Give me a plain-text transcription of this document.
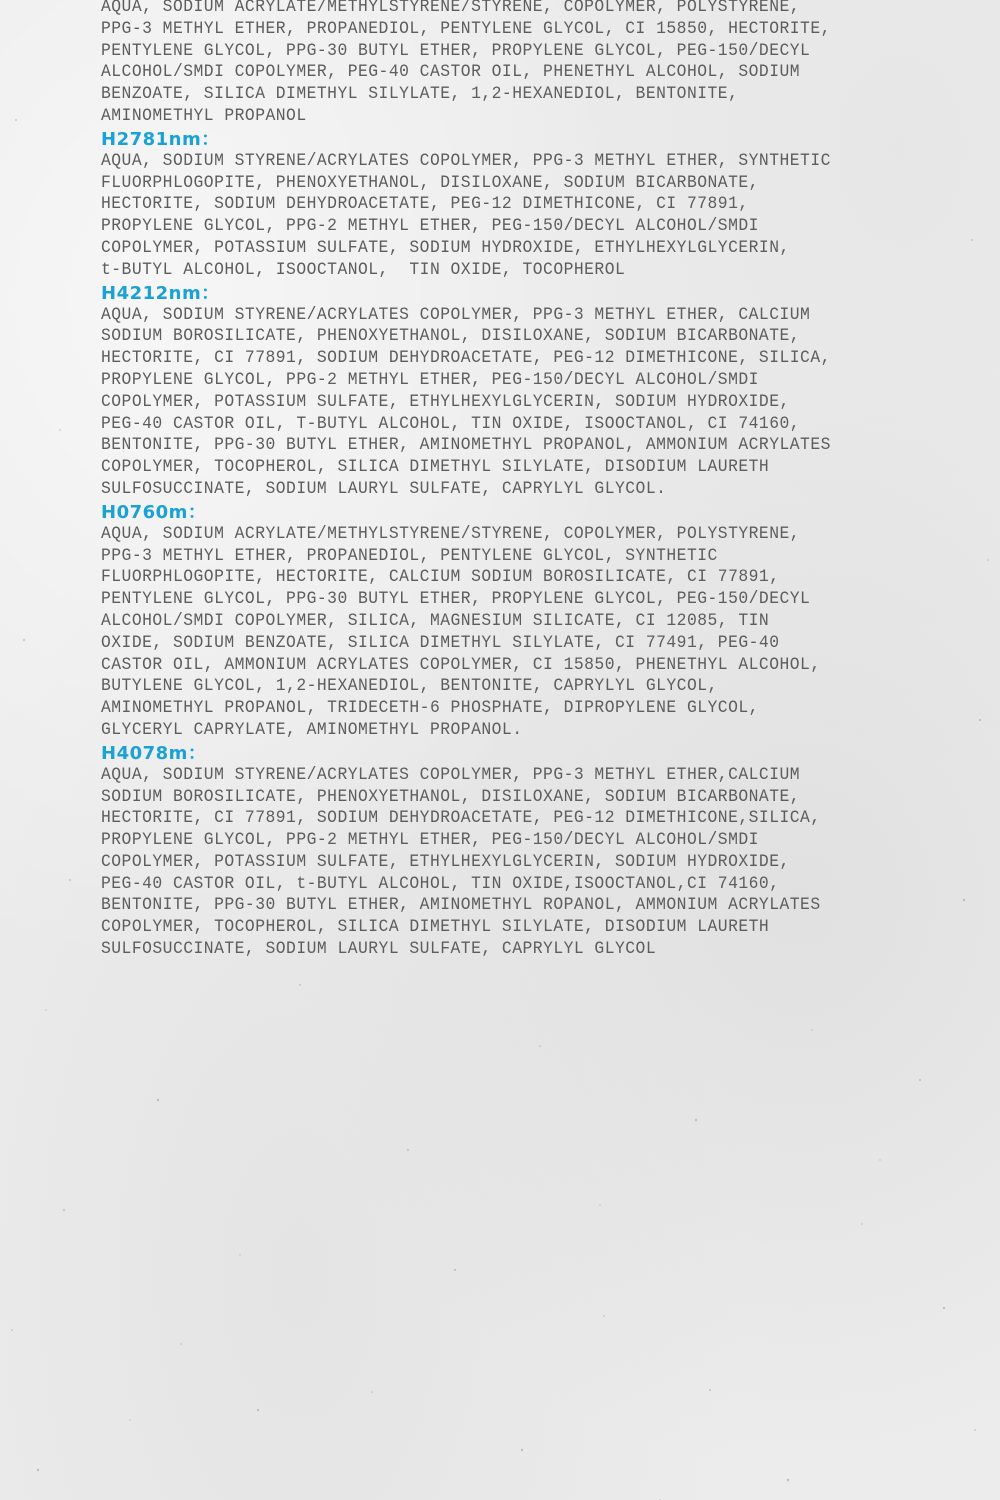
AQUA, SODIUM ACRYLATE/METHYLSTYRENE/STYRENE, COPOLYMER, POLYSTYRENE,
PPG-3 METHYL ETHER, PROPANEDIOL, PENTYLENE GLYCOL, CI 15850, HECTORITE,
PENTYLENE GLYCOL, PPG-30 BUTYL ETHER, PROPYLENE GLYCOL, PEG-150/DECYL
ALCOHOL/SMDI COPOLYMER, PEG-40 CASTOR OIL, PHENETHYL ALCOHOL, SODIUM
BENZOATE, SILICA DIMETHYL SILYLATE, 1,2-HEXANEDIOL, BENTONITE,
AMINOMETHYL PROPANOL
H2781nm：
AQUA, SODIUM STYRENE/ACRYLATES COPOLYMER, PPG-3 METHYL ETHER, SYNTHETIC
FLUORPHLOGOPITE, PHENOXYETHANOL, DISILOXANE, SODIUM BICARBONATE,
HECTORITE, SODIUM DEHYDROACETATE, PEG-12 DIMETHICONE, CI 77891,
PROPYLENE GLYCOL, PPG-2 METHYL ETHER, PEG-150/DECYL ALCOHOL/SMDI
COPOLYMER, POTASSIUM SULFATE, SODIUM HYDROXIDE, ETHYLHEXYLGLYCERIN,
t-BUTYL ALCOHOL, ISOOCTANOL,  TIN OXIDE, TOCOPHEROL
H4212nm：
AQUA, SODIUM STYRENE/ACRYLATES COPOLYMER, PPG-3 METHYL ETHER, CALCIUM
SODIUM BOROSILICATE, PHENOXYETHANOL, DISILOXANE, SODIUM BICARBONATE,
HECTORITE, CI 77891, SODIUM DEHYDROACETATE, PEG-12 DIMETHICONE, SILICA,
PROPYLENE GLYCOL, PPG-2 METHYL ETHER, PEG-150/DECYL ALCOHOL/SMDI
COPOLYMER, POTASSIUM SULFATE, ETHYLHEXYLGLYCERIN, SODIUM HYDROXIDE,
PEG-40 CASTOR OIL, T-BUTYL ALCOHOL, TIN OXIDE, ISOOCTANOL, CI 74160,
BENTONITE, PPG-30 BUTYL ETHER, AMINOMETHYL PROPANOL, AMMONIUM ACRYLATES
COPOLYMER, TOCOPHEROL, SILICA DIMETHYL SILYLATE, DISODIUM LAURETH
SULFOSUCCINATE, SODIUM LAURYL SULFATE, CAPRYLYL GLYCOL.
H0760m：
AQUA, SODIUM ACRYLATE/METHYLSTYRENE/STYRENE, COPOLYMER, POLYSTYRENE,
PPG-3 METHYL ETHER, PROPANEDIOL, PENTYLENE GLYCOL, SYNTHETIC
FLUORPHLOGOPITE, HECTORITE, CALCIUM SODIUM BOROSILICATE, CI 77891,
PENTYLENE GLYCOL, PPG-30 BUTYL ETHER, PROPYLENE GLYCOL, PEG-150/DECYL
ALCOHOL/SMDI COPOLYMER, SILICA, MAGNESIUM SILICATE, CI 12085, TIN
OXIDE, SODIUM BENZOATE, SILICA DIMETHYL SILYLATE, CI 77491, PEG-40
CASTOR OIL, AMMONIUM ACRYLATES COPOLYMER, CI 15850, PHENETHYL ALCOHOL,
BUTYLENE GLYCOL, 1,2-HEXANEDIOL, BENTONITE, CAPRYLYL GLYCOL,
AMINOMETHYL PROPANOL, TRIDECETH-6 PHOSPHATE, DIPROPYLENE GLYCOL,
GLYCERYL CAPRYLATE, AMINOMETHYL PROPANOL.
H4078m：
AQUA, SODIUM STYRENE/ACRYLATES COPOLYMER, PPG-3 METHYL ETHER,CALCIUM
SODIUM BOROSILICATE, PHENOXYETHANOL, DISILOXANE, SODIUM BICARBONATE,
HECTORITE, CI 77891, SODIUM DEHYDROACETATE, PEG-12 DIMETHICONE,SILICA,
PROPYLENE GLYCOL, PPG-2 METHYL ETHER, PEG-150/DECYL ALCOHOL/SMDI
COPOLYMER, POTASSIUM SULFATE, ETHYLHEXYLGLYCERIN, SODIUM HYDROXIDE,
PEG-40 CASTOR OIL, t-BUTYL ALCOHOL, TIN OXIDE,ISOOCTANOL,CI 74160,
BENTONITE, PPG-30 BUTYL ETHER, AMINOMETHYL ROPANOL, AMMONIUM ACRYLATES
COPOLYMER, TOCOPHEROL, SILICA DIMETHYL SILYLATE, DISODIUM LAURETH
SULFOSUCCINATE, SODIUM LAURYL SULFATE, CAPRYLYL GLYCOL
